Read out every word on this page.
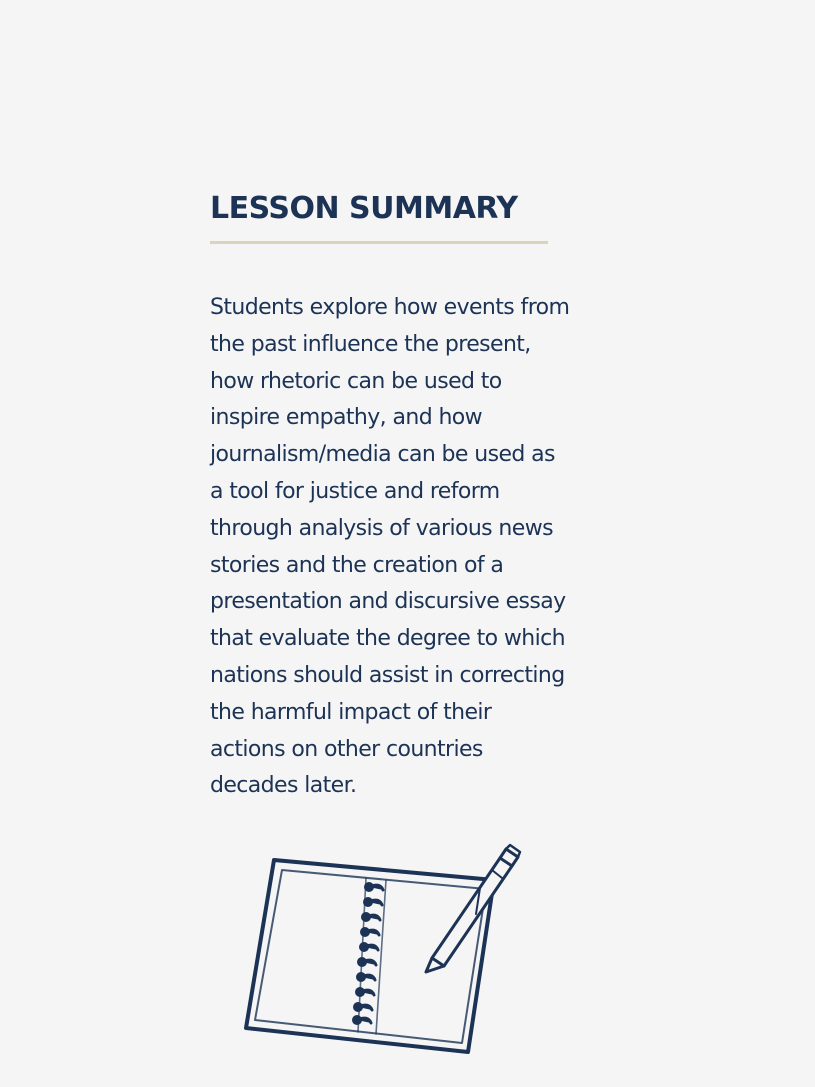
LESSON SUMMARY

Students explore how events from the past influence the present, how rhetoric can be used to inspire empathy, and how journalism/media can be used as a tool for justice and reform through analysis of various news stories and the creation of a presentation and discursive essay that evaluate the degree to which nations should assist in correcting the harmful impact of their actions on other countries decades later.
